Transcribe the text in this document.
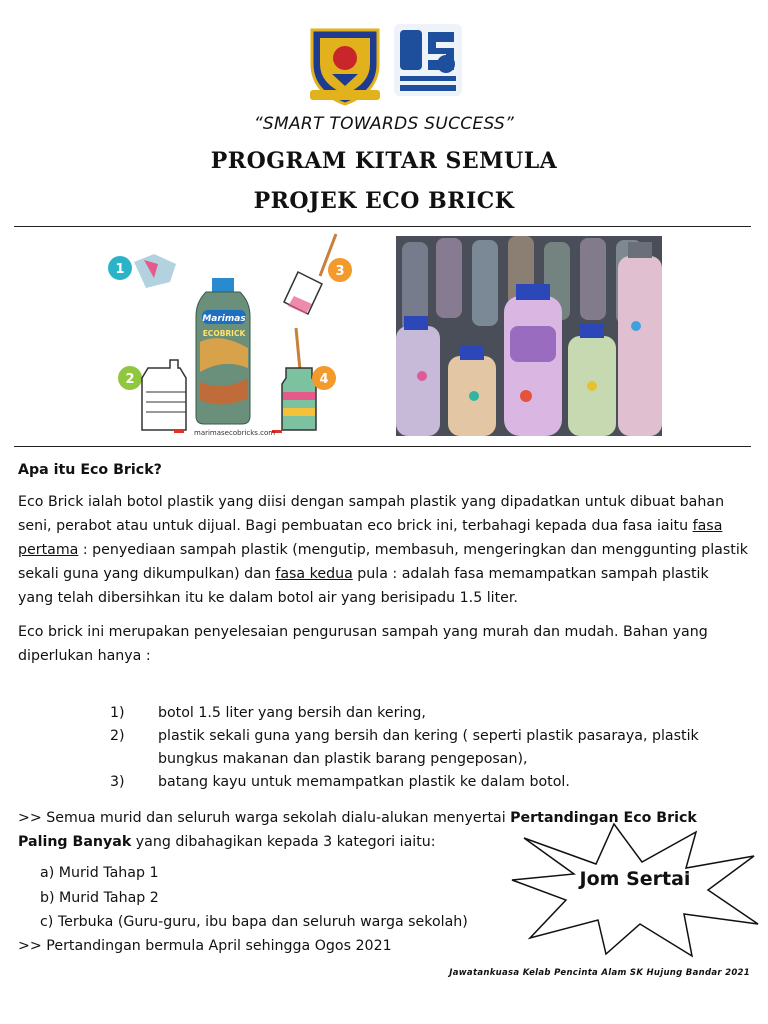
“SMART TOWARDS SUCCESS”
PROGRAM KITAR SEMULA
PROJEK ECO BRICK
1
2
Marimas
ECOBRICK
3
4
marimasecobricks.com
Apa itu Eco Brick?
Eco Brick ialah botol plastik yang diisi dengan sampah plastik yang dipadatkan untuk dibuat bahan seni, perabot atau untuk dijual. Bagi pembuatan eco brick ini, terbahagi kepada dua fasa iaitu fasa pertama : penyediaan sampah plastik (mengutip, membasuh, mengeringkan dan menggunting plastik sekali guna yang dikumpulkan) dan fasa kedua pula : adalah fasa memampatkan sampah plastik yang telah dibersihkan itu ke dalam botol air yang berisipadu 1.5 liter.
Eco brick ini merupakan penyelesaian pengurusan sampah yang murah dan mudah. Bahan yang diperlukan hanya :
1)	botol 1.5 liter yang bersih dan kering,
2)	plastik sekali guna yang bersih dan kering ( seperti plastik pasaraya, plastik bungkus makanan dan plastik barang pengeposan),
3)	batang kayu untuk memampatkan plastik ke dalam botol.
>> Semua murid dan seluruh warga sekolah dialu-alukan menyertai Pertandingan Eco Brick Paling Banyak yang dibahagikan kepada 3 kategori iaitu:
Jom Sertai
a) Murid Tahap 1
b) Murid Tahap 2
c) Terbuka (Guru-guru, ibu bapa dan seluruh warga sekolah)
>> Pertandingan bermula April sehingga Ogos 2021
Jawatankuasa Kelab Pencinta Alam SK Hujung Bandar 2021
